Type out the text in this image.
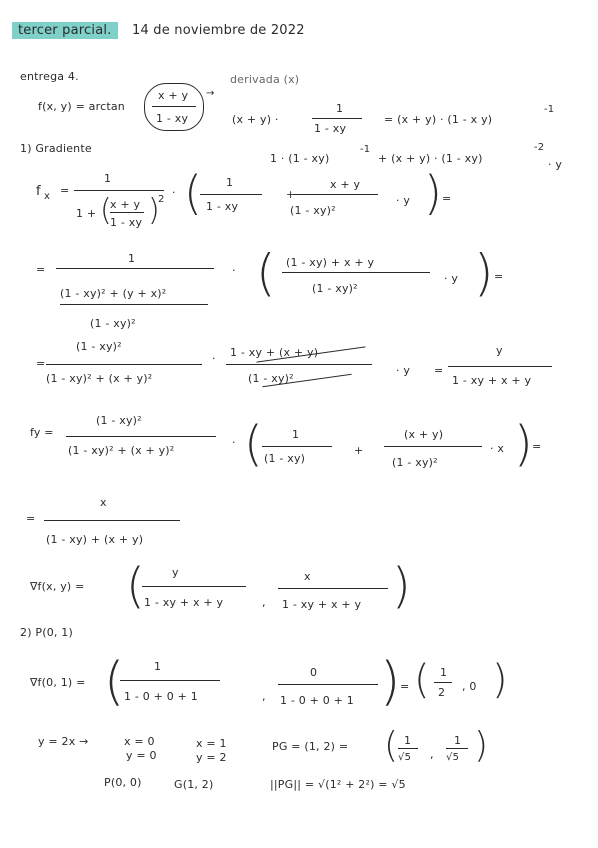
tercer parcial.	14 de noviembre de 2022
entrega 4.
f(x, y) = arctan
x + y
1 - xy
→
derivada (x)
(x + y) ·
1
1 - xy
= (x + y) · (1 - x y)
-1
1 · (1 - xy)
-1
+ (x + y) · (1 - xy)
-2
· y
1) Gradiente
f x =
1
1 + (
x + y
1 - xy )
2
· ( 1
1 - xy
+
x + y
(1 - xy)²
· y ) =
=
1
(1 - xy)² + (y + x)²
(1 - xy)²
· ( (1 - xy) + x + y
(1 - xy)²
· y ) =
=
(1 - xy)²
(1 - xy)² + (x + y)²
· 1 - xy + (x + y)
(1 - xy)²
· y =
y
1 - xy + x + y
fy =
(1 - xy)²
(1 - xy)² + (x + y)²
· (	1
(1 - xy)
+
(x + y)
(1 - xy)²
· x ) =
=
x
(1 - xy) + (x + y)
∇f(x, y) = ( y
1 - xy + x + y	,
x
1 - xy + x + y )
2) P(0, 1)
∇f(0, 1) = (	1
1 - 0 + 0 + 1	,
0
1 - 0 + 0 + 1 ) = ( 1
2 , 0 )
y = 2x →	x = 0
y = 0
x = 1
y = 2
P(0, 0)	G(1, 2)
PG = (1, 2) = ( 1
√5 ,
1
√5 )
||PG|| = √(1² + 2²) = √5
